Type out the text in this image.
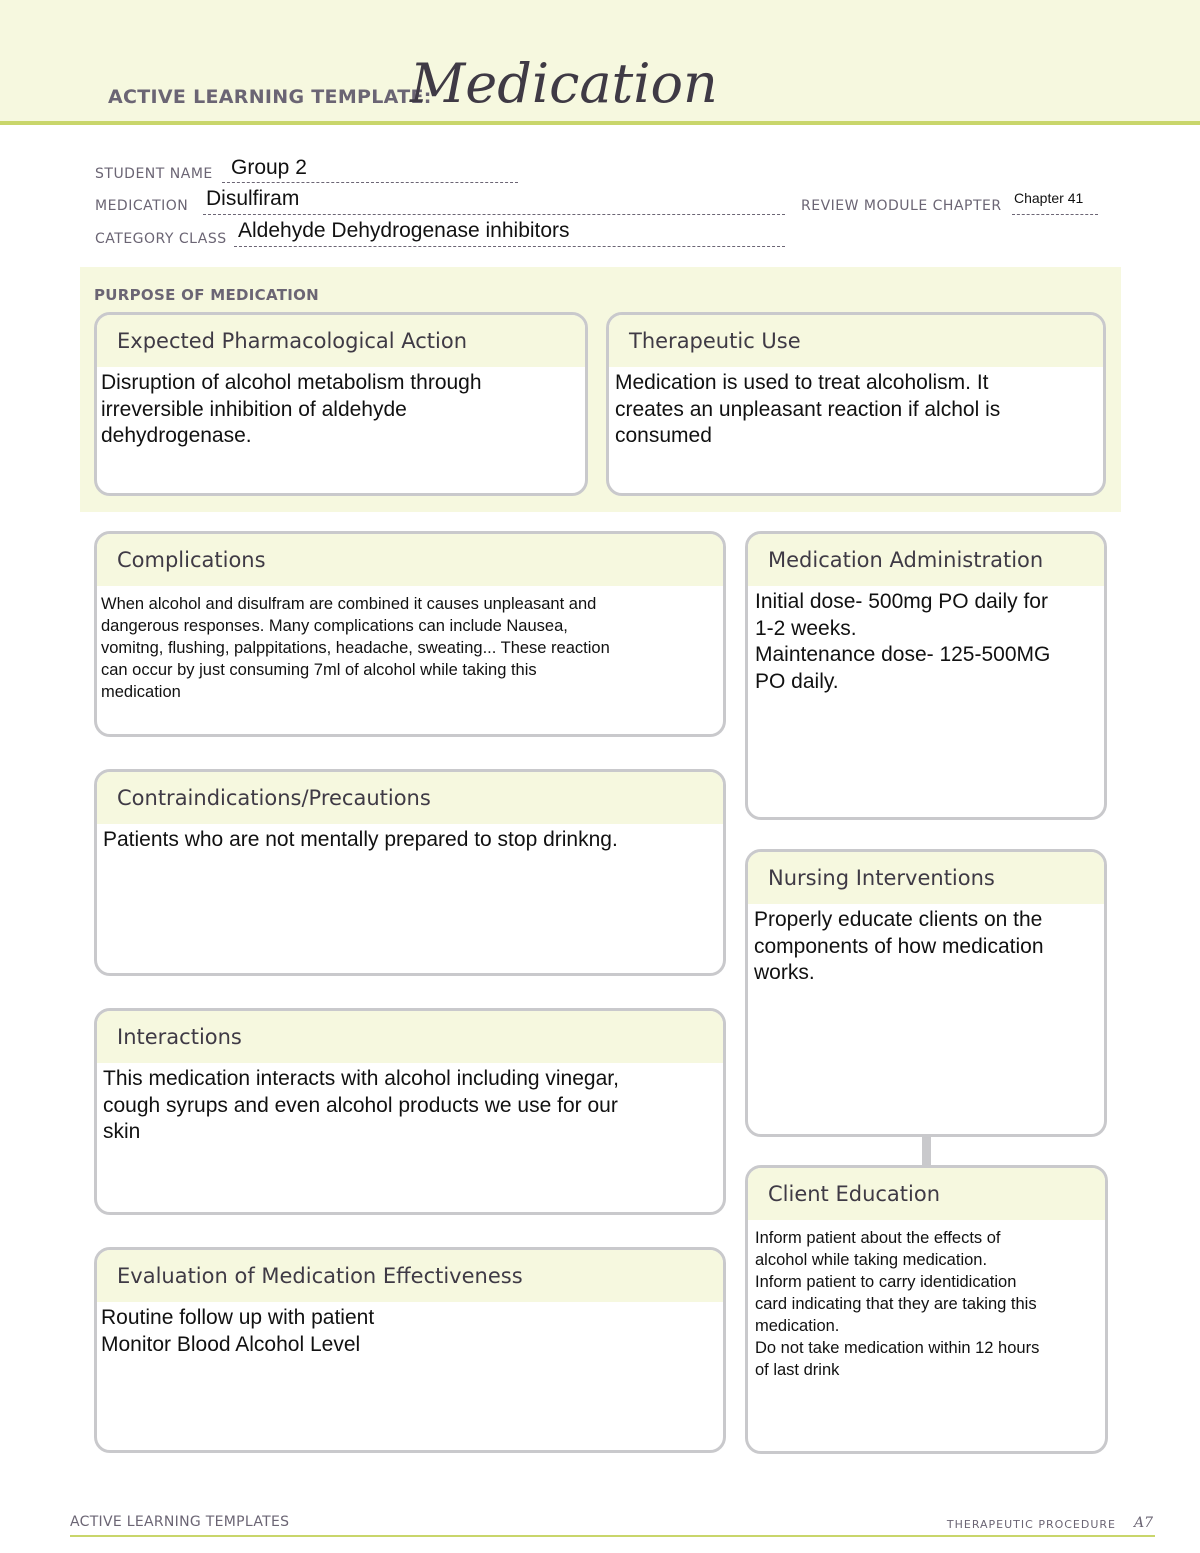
ACTIVE LEARNING TEMPLATE:
Medication
STUDENT NAME Group 2
MEDICATION Disulfiram	REVIEW MODULE CHAPTER Chapter 41
CATEGORY CLASS Aldehyde Dehydrogenase inhibitors
PURPOSE OF MEDICATION
Expected Pharmacological Action
Disruption of alcohol metabolism through
irreversible inhibition of aldehyde
dehydrogenase.
Therapeutic Use
Medication is used to treat alcoholism. It
creates an unpleasant reaction if alchol is
consumed
Complications
When alcohol and disulfram are combined it causes unpleasant and
dangerous responses. Many complications can include Nausea,
vomitng, flushing, palppitations, headache, sweating... These reaction
can occur by just consuming 7ml of alcohol while taking this
medication
Contraindications/Precautions
Patients who are not mentally prepared to stop drinkng.
Interactions
This medication interacts with alcohol including vinegar,
cough syrups and even alcohol products we use for our
skin
Evaluation of Medication Effectiveness
Routine follow up with patient
Monitor Blood Alcohol Level
Medication Administration
Initial dose- 500mg PO daily for
1-2 weeks.
Maintenance dose- 125-500MG
PO daily.
Nursing Interventions
Properly educate clients on the
components of how medication
works.
Client Education
Inform patient about the effects of
alcohol while taking medication.
Inform patient to carry identidication
card indicating that they are taking this
medication.
Do not take medication within 12 hours
of last drink
ACTIVE LEARNING TEMPLATES	THERAPEUTIC PROCEDURE A7
